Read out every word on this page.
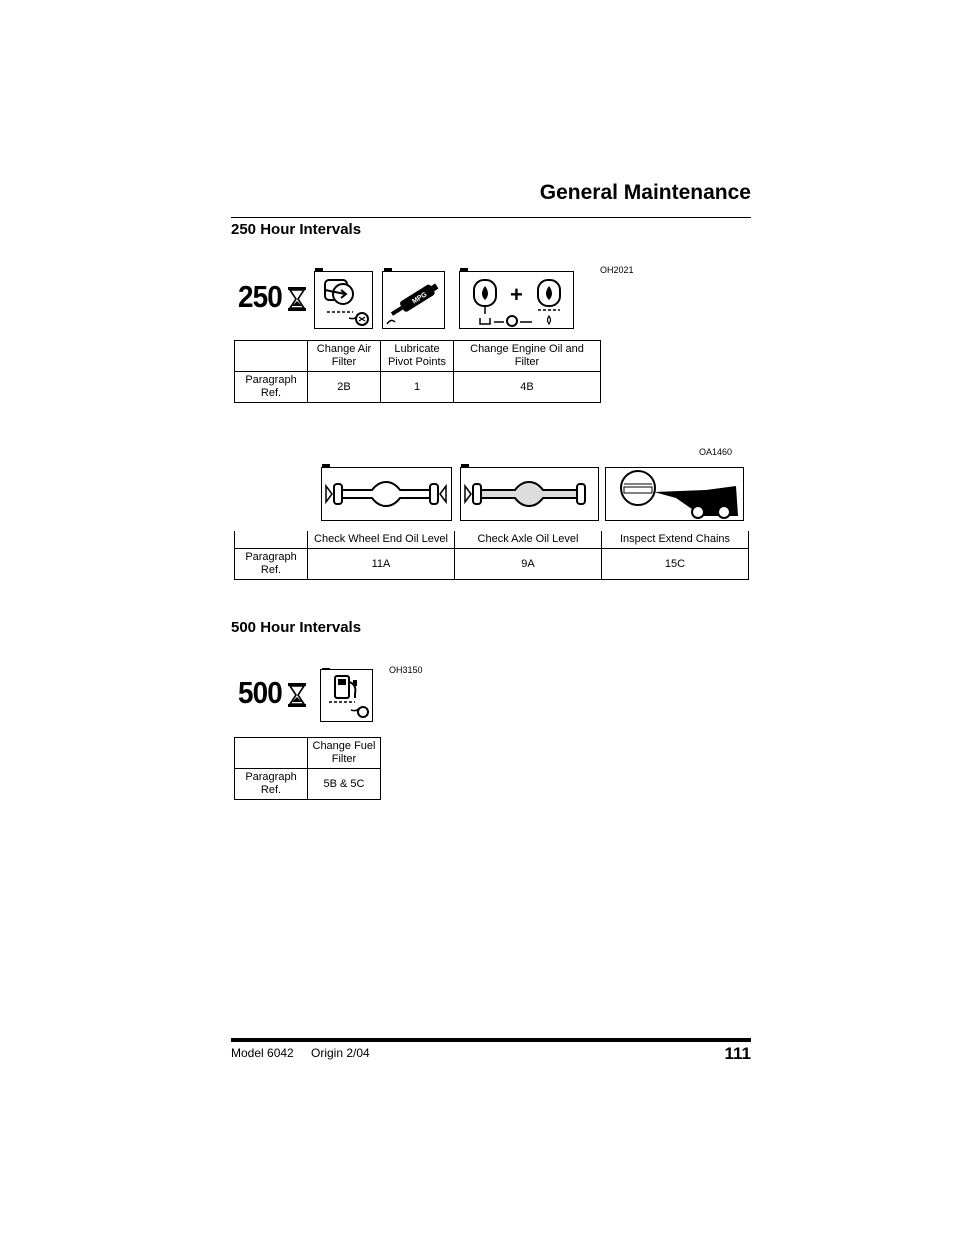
General Maintenance
250 Hour Intervals
OH2021
250	MPG	+
	Change Air Filter	Lubricate Pivot Points	Change Engine Oil and Filter
Paragraph Ref.	2B	1	4B
OA1460
	Check Wheel End Oil Level	Check Axle Oil Level	Inspect Extend Chains
Paragraph Ref.	11A	9A	15C
500 Hour Intervals
OH3150
500
	Change Fuel Filter
Paragraph Ref.	5B & 5C
Model 6042 Origin 2/04	111
